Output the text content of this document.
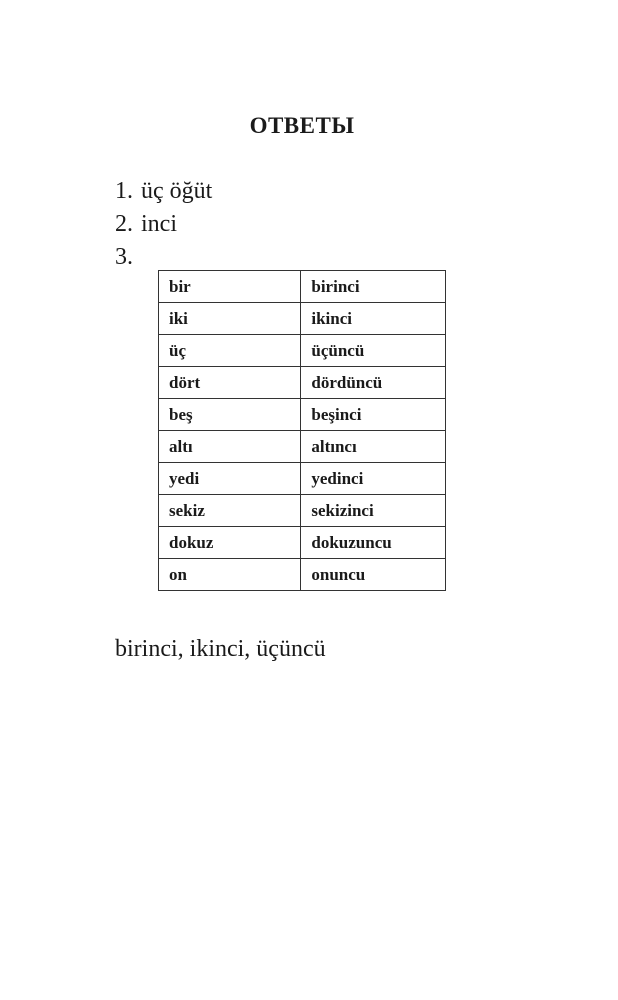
ОТВЕТЫ
1. üç öğüt
2. inci
3.
bir	birinci
iki	ikinci
üç	üçüncü
dört	dördüncü
beş	beşinci
altı	altıncı
yedi	yedinci
sekiz	sekizinci
dokuz	dokuzuncu
on	onuncu
birinci, ikinci, üçüncü
